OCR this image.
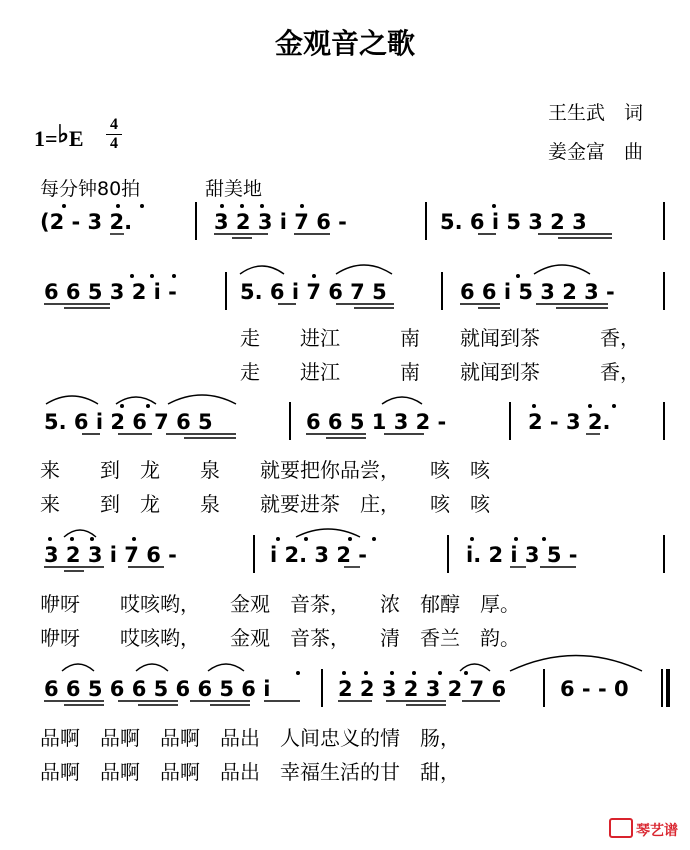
金观音之歌
王生武　词
姜金富　曲
1=♭E
4
4
每分钟80拍	甜美地
(2 - 3 2.	3 2 3 i 7 6 -	5. 6 i 5 3 2 3
6 6 5 3 2 i -	5. 6 i 7 6 7 5	6 6 i 5 3 2 3 -
走　　进江　　　南　　就闻到茶　　　香，
走　　进江　　　南　　就闻到茶　　　香，
5. 6 i 2 6 7 6 5	6 6 5 1 3 2 -	2 - 3 2.
来　　到　龙　　泉　　就要把你品尝，　　咳　咳
来　　到　龙　　泉　　就要进茶　庄，　　咳　咳
3 2 3 i 7 6 -	i 2. 3 2 -	i. 2 i 3 5 -
咿呀　　哎咳哟，　　金观　音茶，　　浓　郁醇　厚。
咿呀　　哎咳哟，　　金观　音茶，　　清　香兰　韵。
6 6 5 6 6 5 6 6 5 6 i	2 2 3 2 3 2 7 6	6 - - 0
品啊　品啊　品啊　品出　人间忠义的情　肠，
品啊　品啊　品啊　品出　幸福生活的甘　甜，
琴艺谱
